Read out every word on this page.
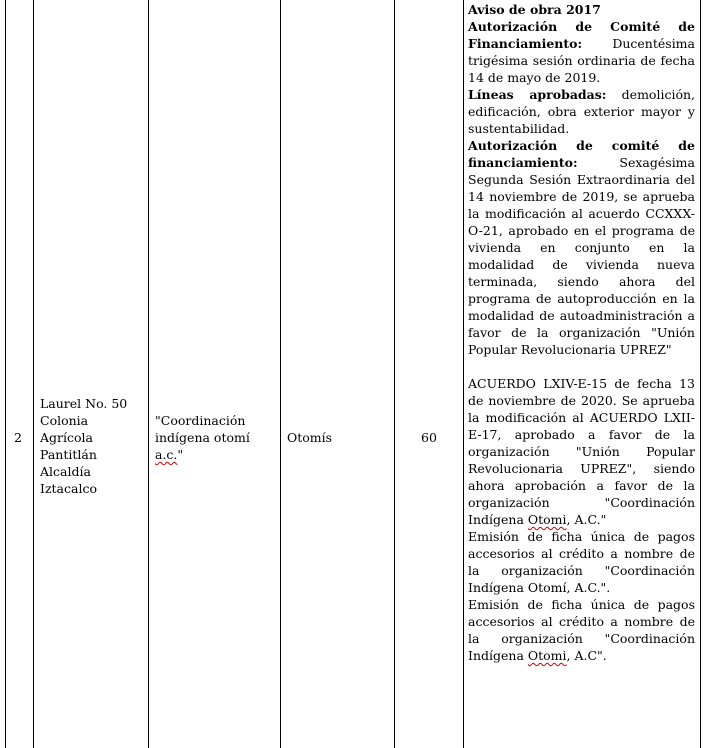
2
Laurel No. 50
Colonia Agrícola
Pantitlán
Alcaldía
Iztacalco
"Coordinación indígena otomí a.c."
Otomís	60

Aviso de obra 2017

Autorización de Comité de Financiamiento: Ducentésima trigésima sesión ordinaria de fecha 14 de mayo de 2019.

Líneas aprobadas: demolición, edificación, obra exterior mayor y sustentabilidad.

Autorización de comité de financiamiento: Sexagésima Segunda Sesión Extraordinaria del 14 noviembre de 2019, se aprueba la modificación al acuerdo CCXXX-O-21, aprobado en el programa de vivienda en conjunto en la modalidad de vivienda nueva terminada, siendo ahora del programa de autoproducción en la modalidad de autoadministración a favor de la organización "Unión Popular Revolucionaria UPREZ"

ACUERDO LXIV-E-15 de fecha 13 de noviembre de 2020. Se aprueba la modificación al ACUERDO LXII-E-17, aprobado a favor de la organización "Unión Popular Revolucionaria UPREZ", siendo ahora aprobación a favor de la organización "Coordinación Indígena Otomi, A.C."

Emisión de ficha única de pagos accesorios al crédito a nombre de la organización "Coordinación Indígena Otomí, A.C.".

Emisión de ficha única de pagos accesorios al crédito a nombre de la organización "Coordinación Indígena Otomi, A.C".
